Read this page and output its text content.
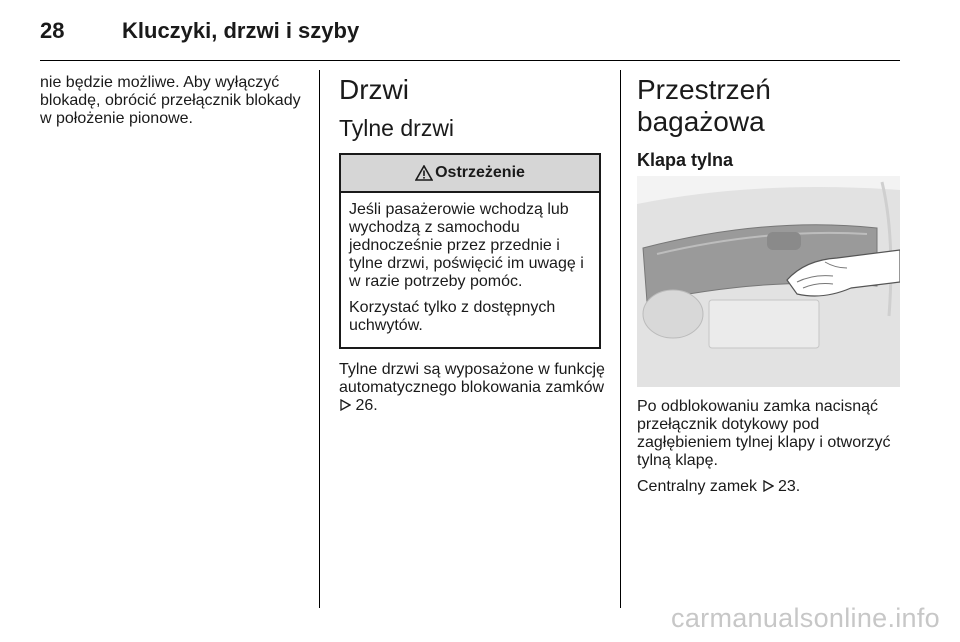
28	Kluczyki, drzwi i szyby

nie będzie możliwe. Aby wyłączyć blokadę, obrócić przełącznik blokady w położenie pionowe.

Drzwi
Tylne drzwi
Ostrzeżenie

Jeśli pasażerowie wchodzą lub wychodzą z samochodu jednocześnie przez przednie i tylne drzwi, poświęcić im uwagę i w razie potrzeby pomóc.

Korzystać tylko z dostępnych uchwytów.

Tylne drzwi są wyposażone w funkcję automatycznego blokowania zamków  26.

Przestrzeń bagażowa
Klapa tylna

Po odblokowaniu zamka nacisnąć przełącznik dotykowy pod zagłębieniem tylnej klapy i otworzyć tylną klapę.

Centralny zamek 23.

carmanualsonline.info
